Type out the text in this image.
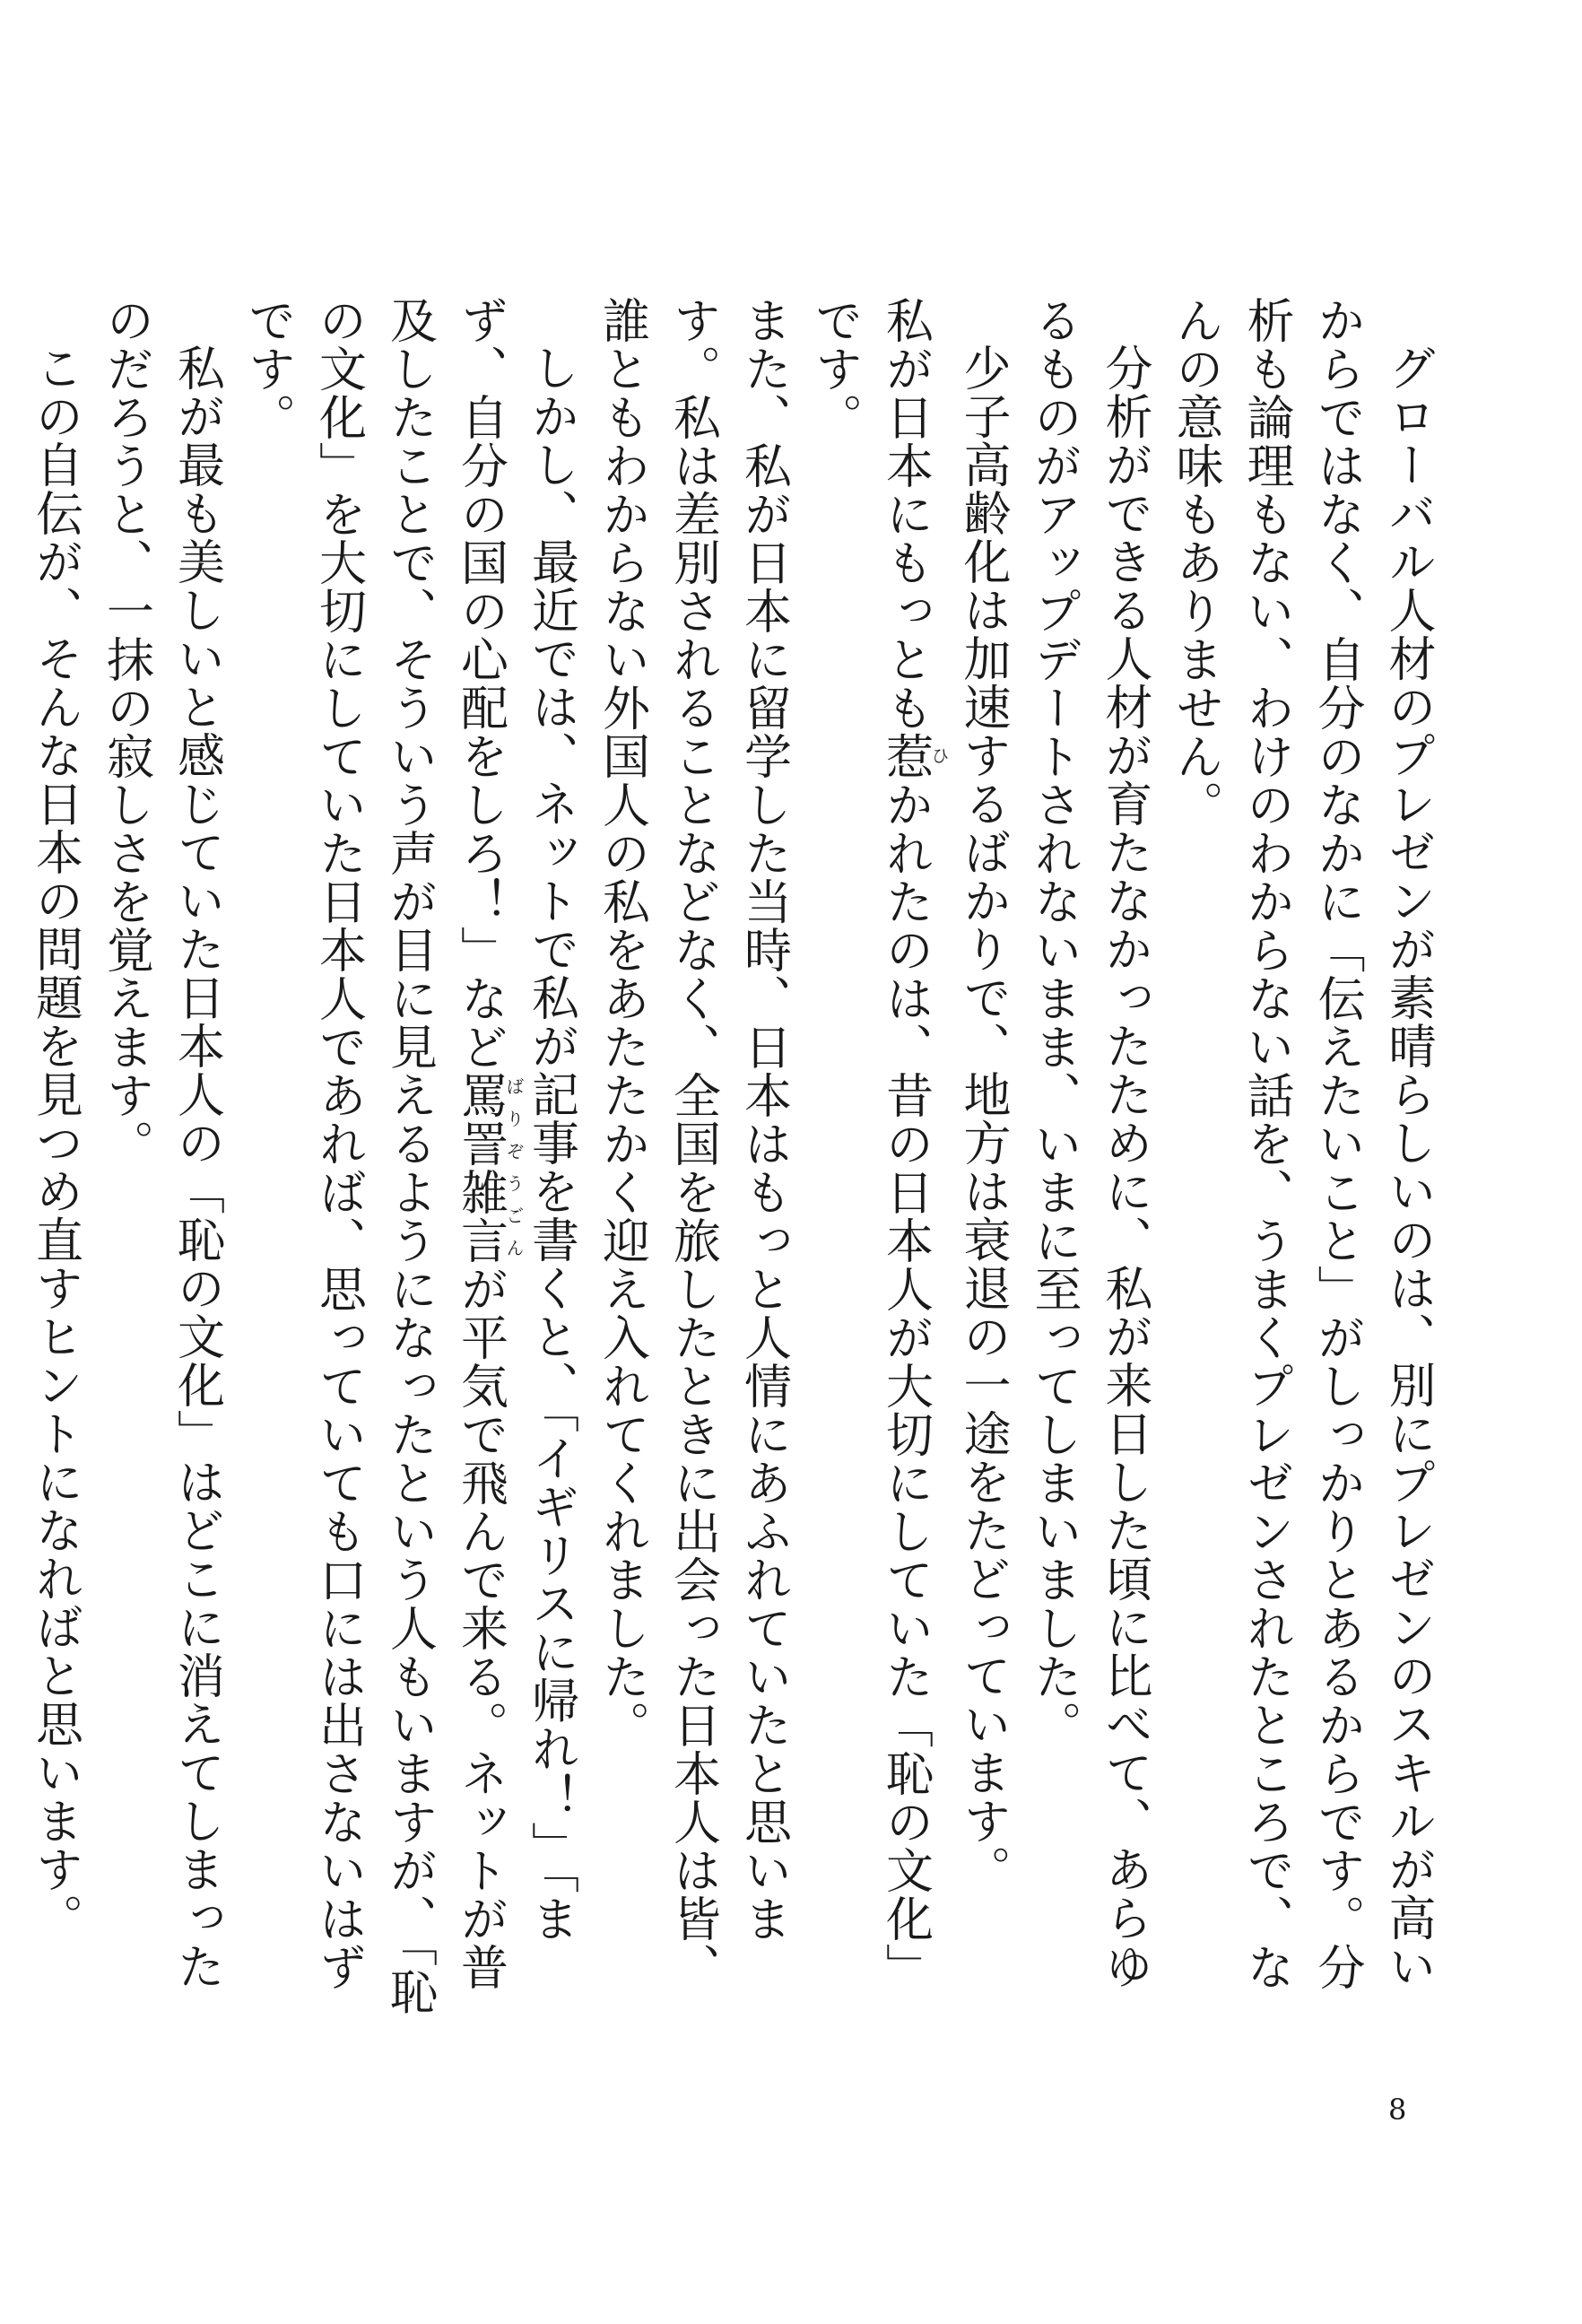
グローバル人材のプレゼンが素晴らしいのは、別にプレゼンのスキルが高いからではなく、自分のなかに「伝えたいこと」がしっかりとあるからです。分析も論理もない、わけのわからない話を、うまくプレゼンされたところで、なんの意味もありません。

分析ができる人材が育たなかったために、私が来日した頃に比べて、あらゆるものがアップデートされないまま、いまに至ってしまいました。

少子高齢化は加速するばかりで、地方は衰退の一途をたどっています。

私が日本にもっとも惹ひかれたのは、昔の日本人が大切にしていた「恥の文化」です。

また、私が日本に留学した当時、日本はもっと人情にあふれていたと思います。私は差別されることなどなく、全国を旅したときに出会った日本人は皆、誰ともわからない外国人の私をあたたかく迎え入れてくれました。

しかし、最近では、ネットで私が記事を書くと、「イギリスに帰れ！」「まず、自分の国の心配をしろ！」など罵詈雑言ばりぞうごんが平気で飛んで来る。ネットが普及したことで、そういう声が目に見えるようになったという人もいますが、「恥の文化」を大切にしていた日本人であれば、思っていても口には出さないはずです。

私が最も美しいと感じていた日本人の「恥の文化」はどこに消えてしまったのだろうと、一抹の寂しさを覚えます。

この自伝が、そんな日本の問題を見つめ直すヒントになればと思います。

8
